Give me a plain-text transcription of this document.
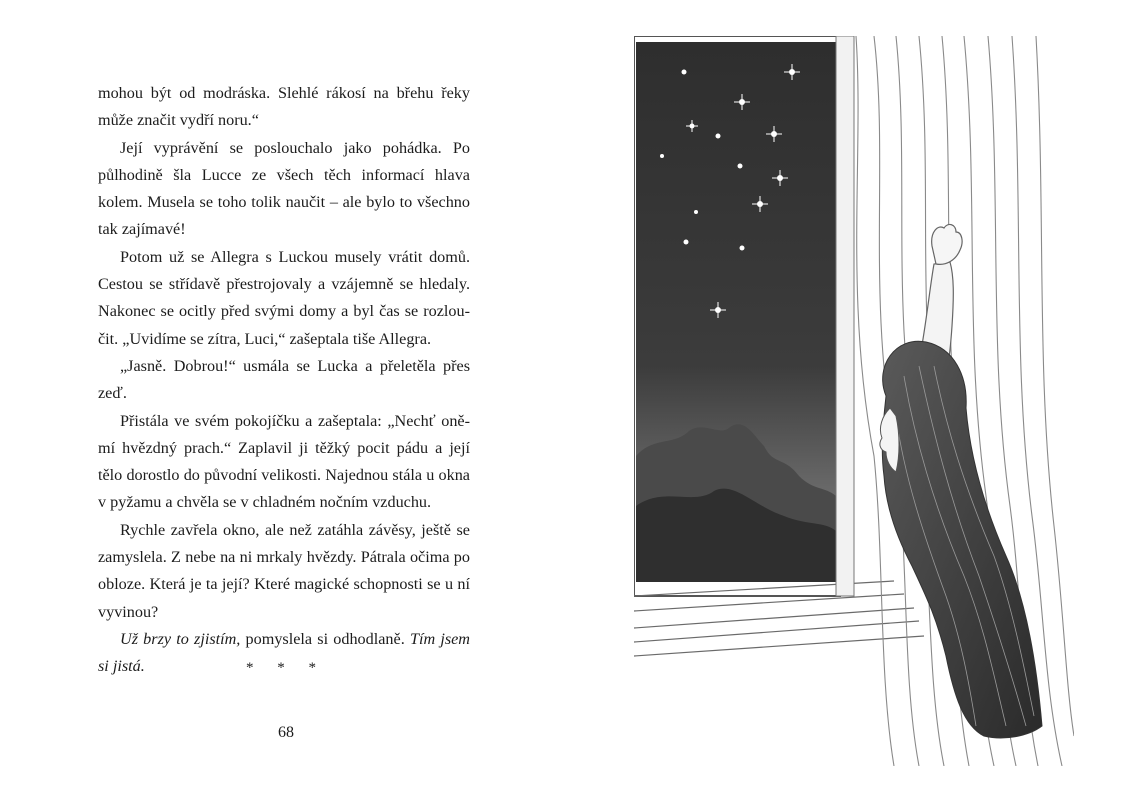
mohou být od modráska. Slehlé rákosí na břehu řeky může značit vydří noru.“

Její vyprávění se poslouchalo jako pohádka. Po půlhodině šla Lucce ze všech těch informací hlava kolem. Musela se toho tolik naučit – ale bylo to všechno tak zajímavé!

Potom už se Allegra s Luckou musely vrátit domů. Cestou se střídavě přestrojovaly a vzájemně se hledaly. Nakonec se ocitly před svými domy a byl čas se rozloučit. „Uvidíme se zítra, Luci,“ zašeptala tiše Allegra.

„Jasně. Dobrou!“ usmála se Lucka a přeletěla přes zeď.

Přistála ve svém pokojíčku a zašeptala: „Nechť oněmí hvězdný prach.“ Zaplavil ji těžký pocit pádu a její tělo dorostlo do původní velikosti. Najednou stála u okna v pyžamu a chvěla se v chladném nočním vzduchu.

Rychle zavřela okno, ale než zatáhla závěsy, ještě se zamyslela. Z nebe na ni mrkaly hvězdy. Pátrala očima po obloze. Která je ta její? Které magické schopnosti se u ní vyvinou?

Už brzy to zjistím, pomyslela si odhodlaně. Tím jsem si jistá.	* * *
68
